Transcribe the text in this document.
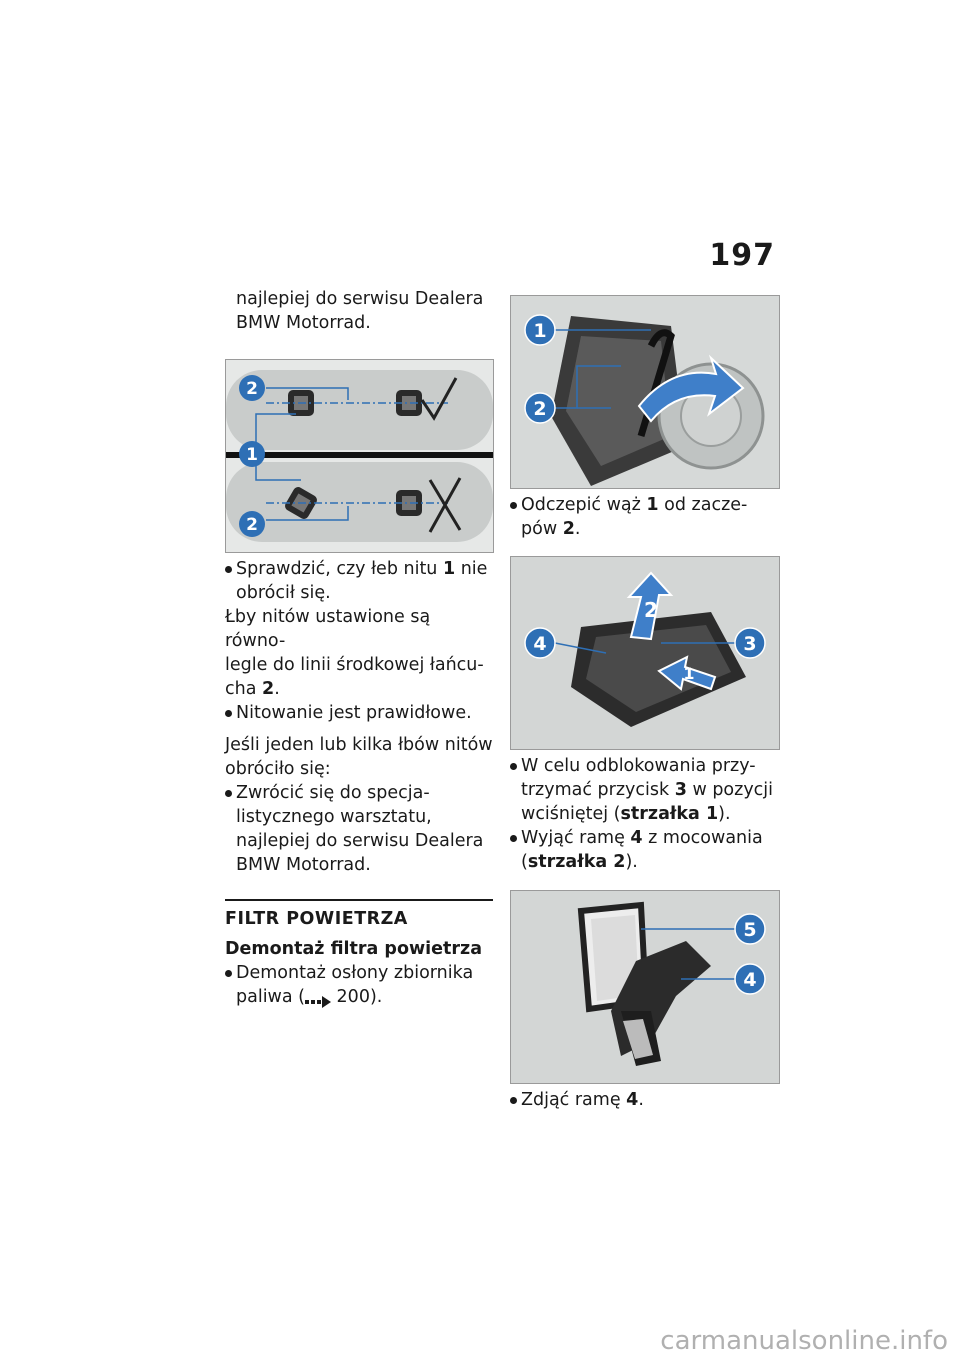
197

najlepiej do serwisu Dealera

BMW Motorrad.

2
1
2

Sprawdzić, czy łeb nitu 1 nie

obrócił się.

Łby nitów ustawione są równo-

legle do linii środkowej łańcu-

cha 2.

Nitowanie jest prawidłowe.

Jeśli jeden lub kilka łbów nitów

obróciło się:

Zwrócić się do specja-

listycznego warsztatu,

najlepiej do serwisu Dealera

BMW Motorrad.

FILTR POWIETRZA

Demontaż filtra powietrza

Demontaż osłony zbiornika

paliwa ( 200).

1
2

Odczepić wąż 1 od zacze-

pów 2.

2
1
4	3

W celu odblokowania przy-

trzymać przycisk 3 w pozycji

wciśniętej (strzałka 1).

Wyjąć ramę 4 z mocowania

(strzałka 2).

5
4

Zdjąć ramę 4.

carmanualsonline.info
